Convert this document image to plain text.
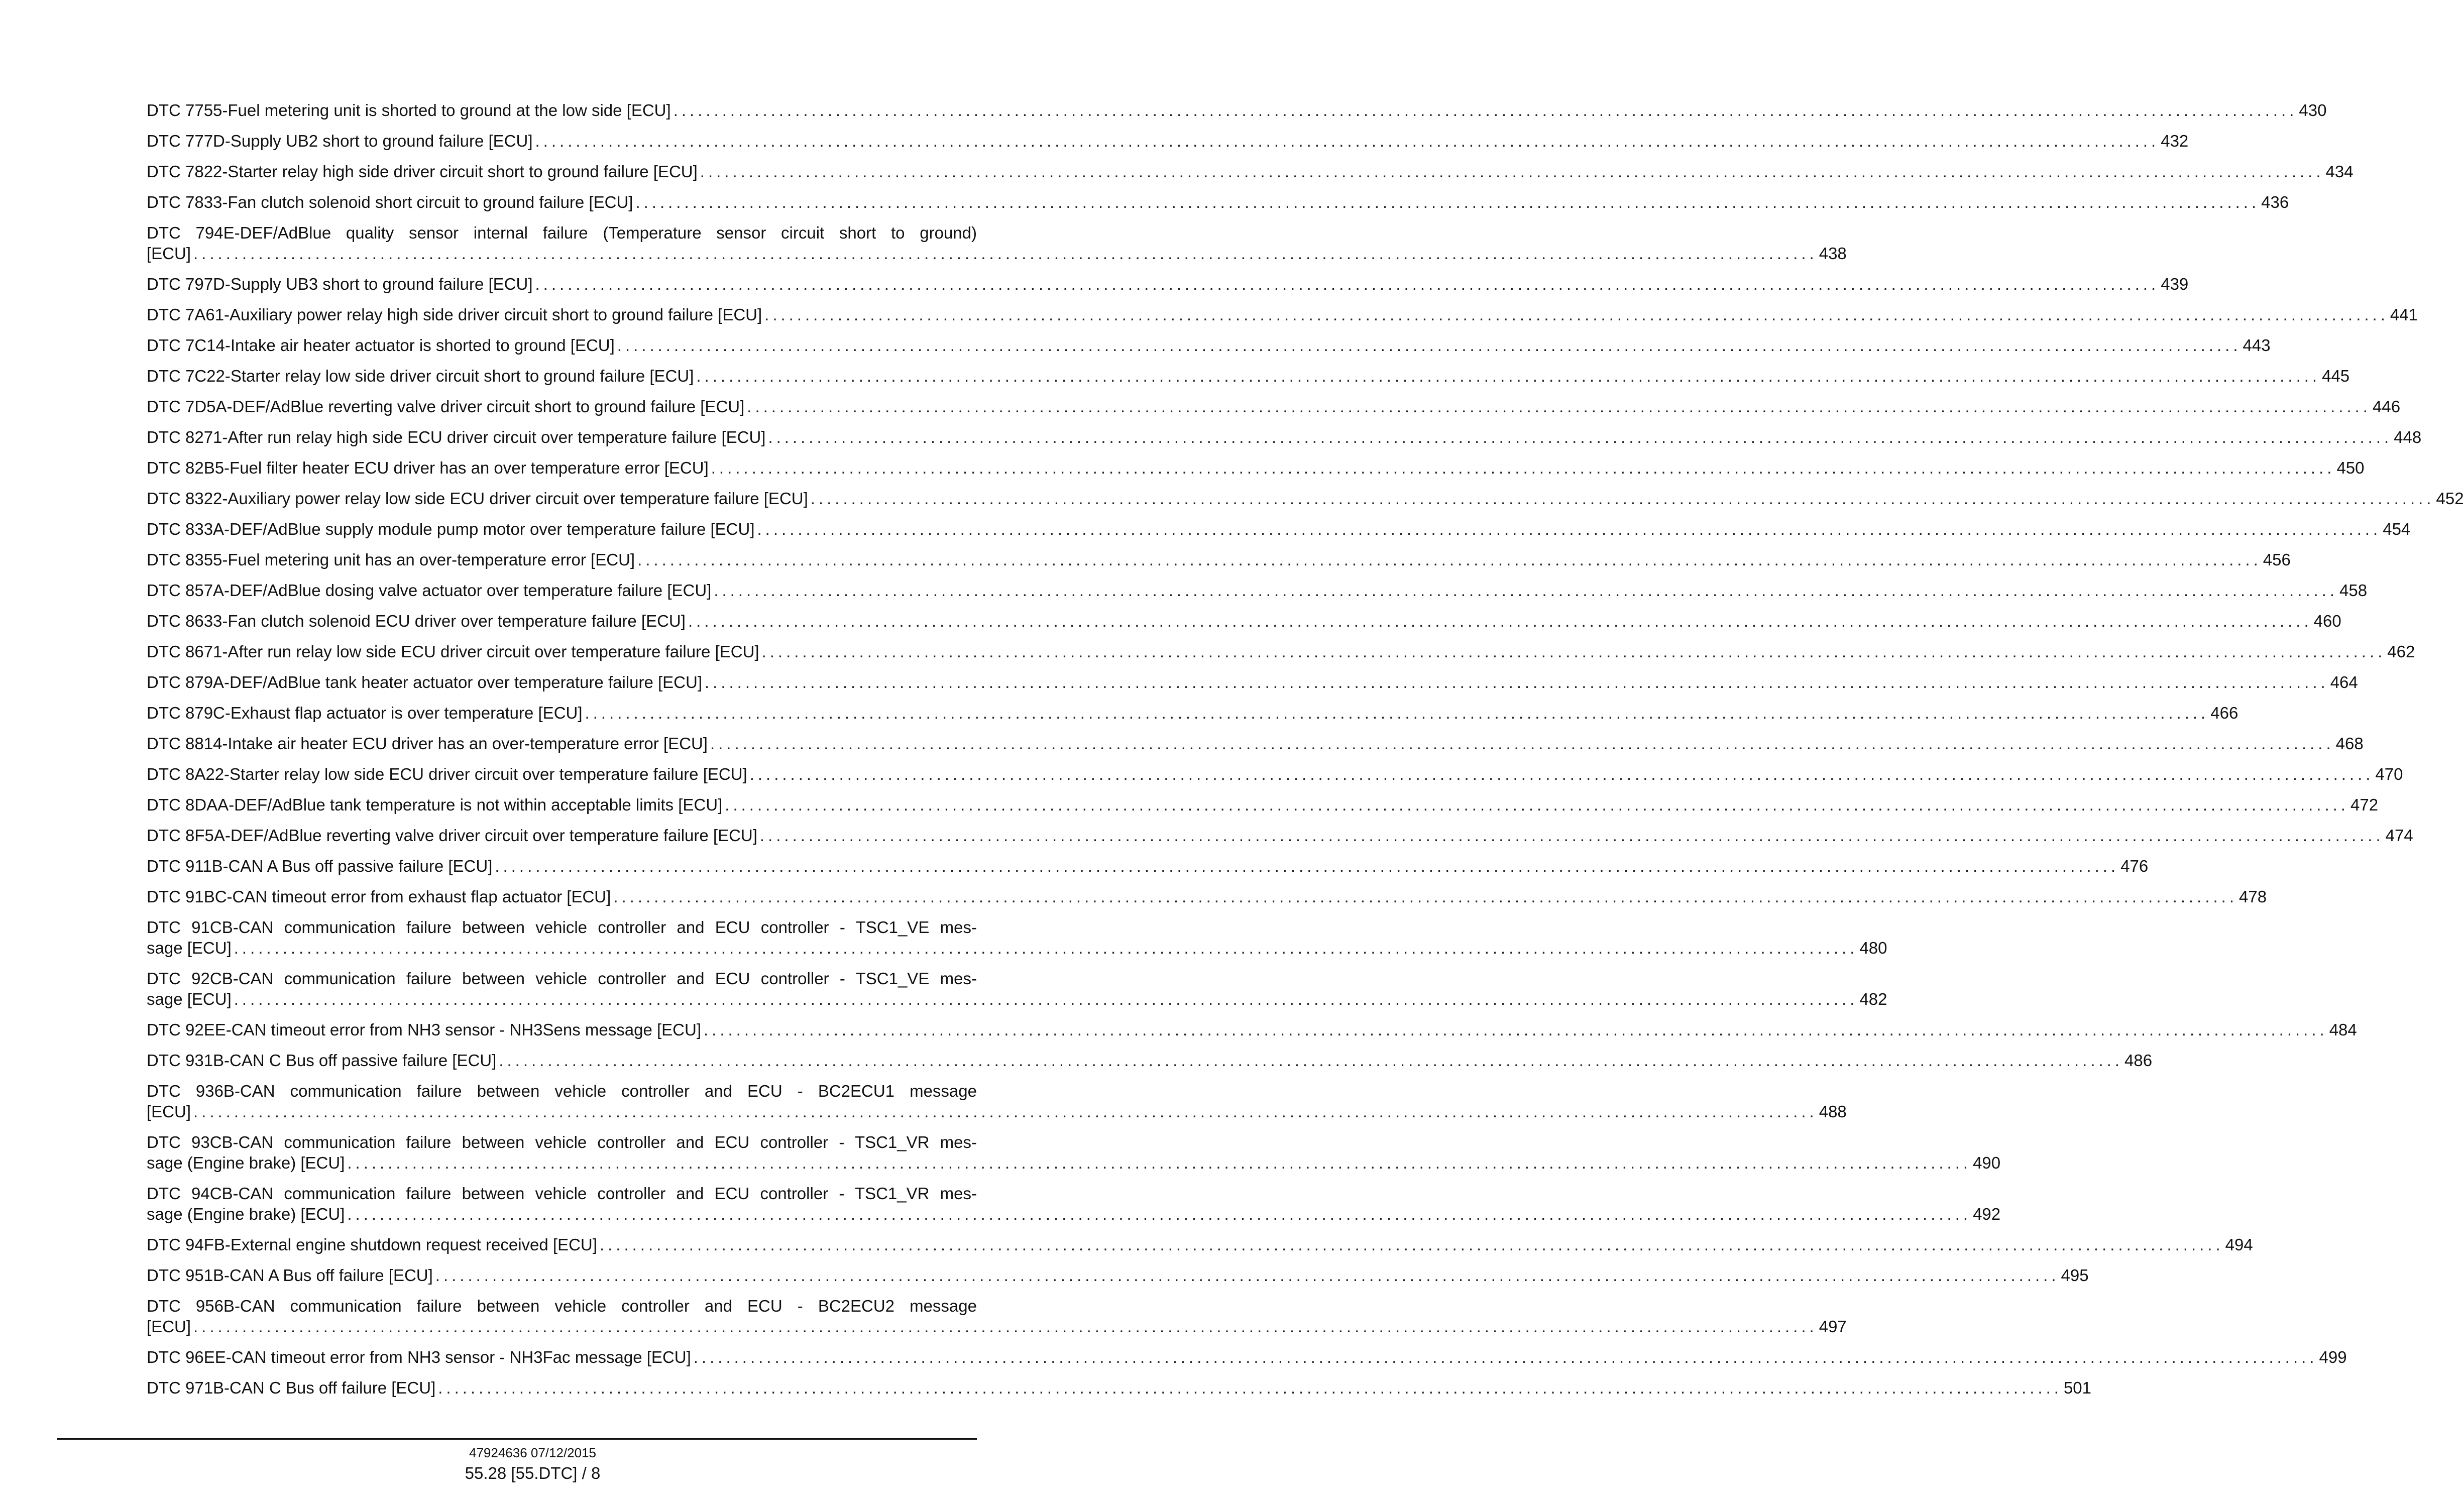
DTC 7755-Fuel metering unit is shorted to ground at the low side [ECU] ........................................................................................................................................................................................................ 430
DTC 777D-Supply UB2 short to ground failure [ECU] ........................................................................................................................................................................................................ 432
DTC 7822-Starter relay high side driver circuit short to ground failure [ECU] ........................................................................................................................................................................................................ 434
DTC 7833-Fan clutch solenoid short circuit to ground failure [ECU] ........................................................................................................................................................................................................ 436
DTC 794E-DEF/AdBlue quality sensor internal failure (Temperature sensor circuit short to ground)
[ECU] ........................................................................................................................................................................................................ 438
DTC 797D-Supply UB3 short to ground failure [ECU] ........................................................................................................................................................................................................ 439
DTC 7A61-Auxiliary power relay high side driver circuit short to ground failure [ECU] ........................................................................................................................................................................................................ 441
DTC 7C14-Intake air heater actuator is shorted to ground [ECU] ........................................................................................................................................................................................................ 443
DTC 7C22-Starter relay low side driver circuit short to ground failure [ECU] ........................................................................................................................................................................................................ 445
DTC 7D5A-DEF/AdBlue reverting valve driver circuit short to ground failure [ECU] ........................................................................................................................................................................................................ 446
DTC 8271-After run relay high side ECU driver circuit over temperature failure [ECU] ........................................................................................................................................................................................................ 448
DTC 82B5-Fuel filter heater ECU driver has an over temperature error [ECU] ........................................................................................................................................................................................................ 450
DTC 8322-Auxiliary power relay low side ECU driver circuit over temperature failure [ECU] ........................................................................................................................................................................................................ 452
DTC 833A-DEF/AdBlue supply module pump motor over temperature failure [ECU] ........................................................................................................................................................................................................ 454
DTC 8355-Fuel metering unit has an over-temperature error [ECU] ........................................................................................................................................................................................................ 456
DTC 857A-DEF/AdBlue dosing valve actuator over temperature failure [ECU] ........................................................................................................................................................................................................ 458
DTC 8633-Fan clutch solenoid ECU driver over temperature failure [ECU] ........................................................................................................................................................................................................ 460
DTC 8671-After run relay low side ECU driver circuit over temperature failure [ECU] ........................................................................................................................................................................................................ 462
DTC 879A-DEF/AdBlue tank heater actuator over temperature failure [ECU] ........................................................................................................................................................................................................ 464
DTC 879C-Exhaust flap actuator is over temperature [ECU] ........................................................................................................................................................................................................ 466
DTC 8814-Intake air heater ECU driver has an over-temperature error [ECU] ........................................................................................................................................................................................................ 468
DTC 8A22-Starter relay low side ECU driver circuit over temperature failure [ECU] ........................................................................................................................................................................................................ 470
DTC 8DAA-DEF/AdBlue tank temperature is not within acceptable limits [ECU] ........................................................................................................................................................................................................ 472
DTC 8F5A-DEF/AdBlue reverting valve driver circuit over temperature failure [ECU] ........................................................................................................................................................................................................ 474
DTC 911B-CAN A Bus off passive failure [ECU] ........................................................................................................................................................................................................ 476
DTC 91BC-CAN timeout error from exhaust flap actuator [ECU] ........................................................................................................................................................................................................ 478
DTC 91CB-CAN communication failure between vehicle controller and ECU controller - TSC1_VE mes-
sage [ECU] ........................................................................................................................................................................................................ 480
DTC 92CB-CAN communication failure between vehicle controller and ECU controller - TSC1_VE mes-
sage [ECU] ........................................................................................................................................................................................................ 482
DTC 92EE-CAN timeout error from NH3 sensor - NH3Sens message [ECU] ........................................................................................................................................................................................................ 484
DTC 931B-CAN C Bus off passive failure [ECU] ........................................................................................................................................................................................................ 486
DTC 936B-CAN communication failure between vehicle controller and ECU - BC2ECU1 message
[ECU] ........................................................................................................................................................................................................ 488
DTC 93CB-CAN communication failure between vehicle controller and ECU controller - TSC1_VR mes-
sage (Engine brake) [ECU] ........................................................................................................................................................................................................ 490
DTC 94CB-CAN communication failure between vehicle controller and ECU controller - TSC1_VR mes-
sage (Engine brake) [ECU] ........................................................................................................................................................................................................ 492
DTC 94FB-External engine shutdown request received [ECU] ........................................................................................................................................................................................................ 494
DTC 951B-CAN A Bus off failure [ECU] ........................................................................................................................................................................................................ 495
DTC 956B-CAN communication failure between vehicle controller and ECU - BC2ECU2 message
[ECU] ........................................................................................................................................................................................................ 497
DTC 96EE-CAN timeout error from NH3 sensor - NH3Fac message [ECU] ........................................................................................................................................................................................................ 499
DTC 971B-CAN C Bus off failure [ECU] ........................................................................................................................................................................................................ 501
47924636 07/12/2015
55.28 [55.DTC] / 8
